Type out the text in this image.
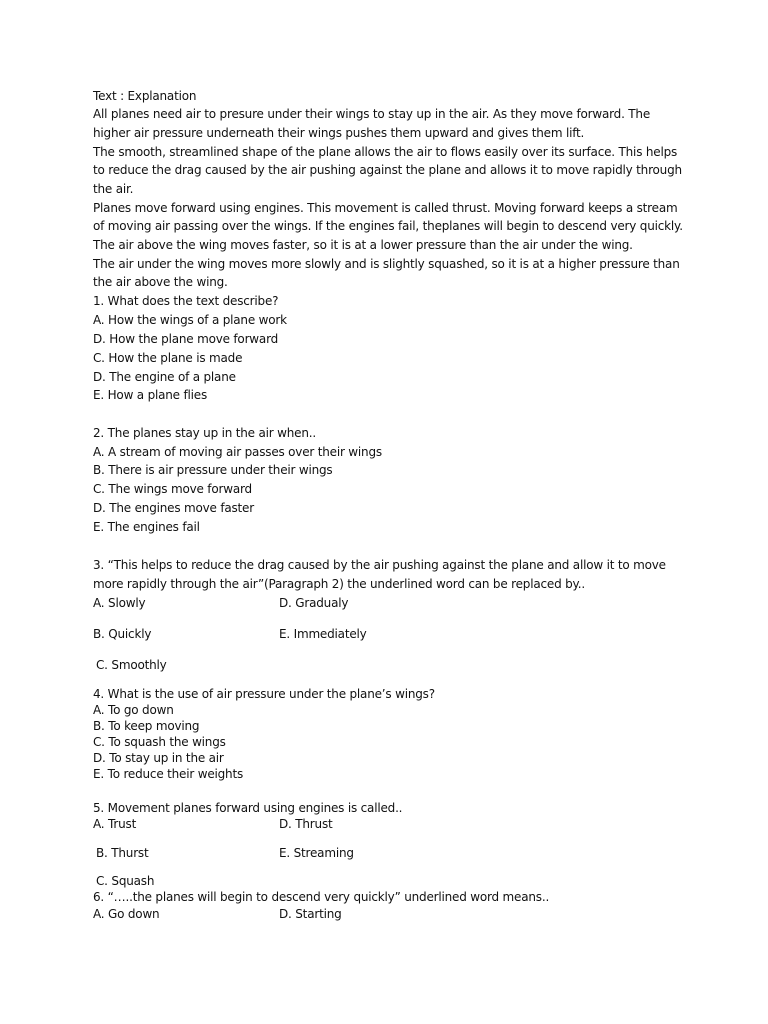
Text : Explanation
All planes need air to presure under their wings to stay up in the air. As they move forward. The
higher air pressure underneath their wings pushes them upward and gives them lift.
The smooth, streamlined shape of the plane allows the air to flows easily over its surface. This helps
to reduce the drag caused by the air pushing against the plane and allows it to move rapidly through
the air.
Planes move forward using engines. This movement is called thrust. Moving forward keeps a stream
of moving air passing over the wings. If the engines fail, theplanes will begin to descend very quickly.
The air above the wing moves faster, so it is at a lower pressure than the air under the wing.
The air under the wing moves more slowly and is slightly squashed, so it is at a higher pressure than
the air above the wing.
1. What does the text describe?
A. How the wings of a plane work
D. How the plane move forward
C. How the plane is made
D. The engine of a plane
E. How a plane flies
2. The planes stay up in the air when..
A. A stream of moving air passes over their wings
B. There is air pressure under their wings
C. The wings move forward
D. The engines move faster
E. The engines fail
3. “This helps to reduce the drag caused by the air pushing against the plane and allow it to move
more rapidly through the air”(Paragraph 2) the underlined word can be replaced by..
A. Slowly	D. Gradualy
B. Quickly	E. Immediately
C. Smoothly
4. What is the use of air pressure under the plane’s wings?
A. To go down
B. To keep moving
C. To squash the wings
D. To stay up in the air
E. To reduce their weights
5. Movement planes forward using engines is called..
A. Trust	D. Thrust
B. Thurst	E. Streaming
C. Squash
6. “…..the planes will begin to descend very quickly” underlined word means..
A. Go down	D. Starting
